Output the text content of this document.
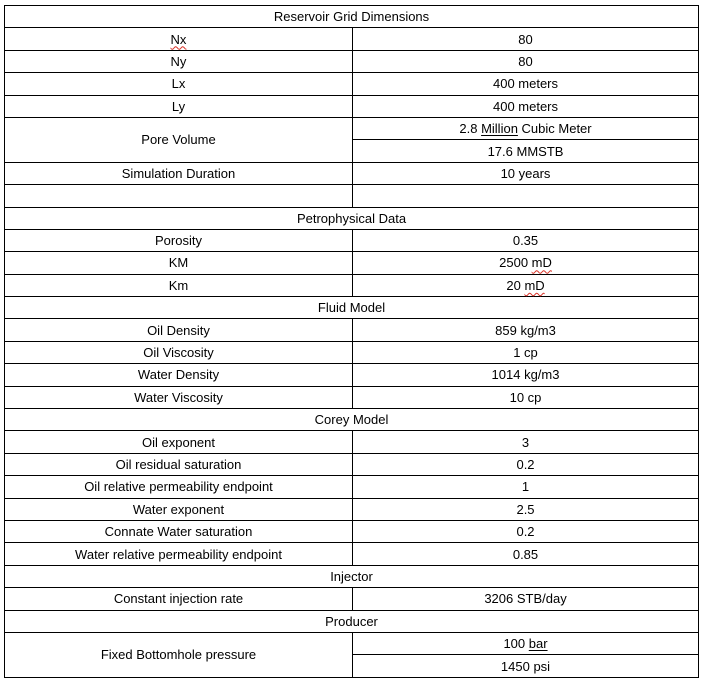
Reservoir Grid Dimensions	
Nx	80
Ny	80
Lx	400 meters
Ly	400 meters
Pore Volume	2.8 Million Cubic Meter
	17.6 MMSTB
Simulation Duration	10 years

Petrophysical Data	
Porosity	0.35
KM	2500 mD
Km	20 mD
Fluid Model	
Oil Density	859 kg/m3
Oil Viscosity	1 cp
Water Density	1014 kg/m3
Water Viscosity	10 cp
Corey Model	
Oil exponent	3
Oil residual saturation	0.2
Oil relative permeability endpoint	1
Water exponent	2.5
Connate Water saturation	0.2
Water relative permeability endpoint	0.85
Injector	
Constant injection rate	3206 STB/day
Producer	
Fixed Bottomhole pressure	100 bar
	1450 psi
